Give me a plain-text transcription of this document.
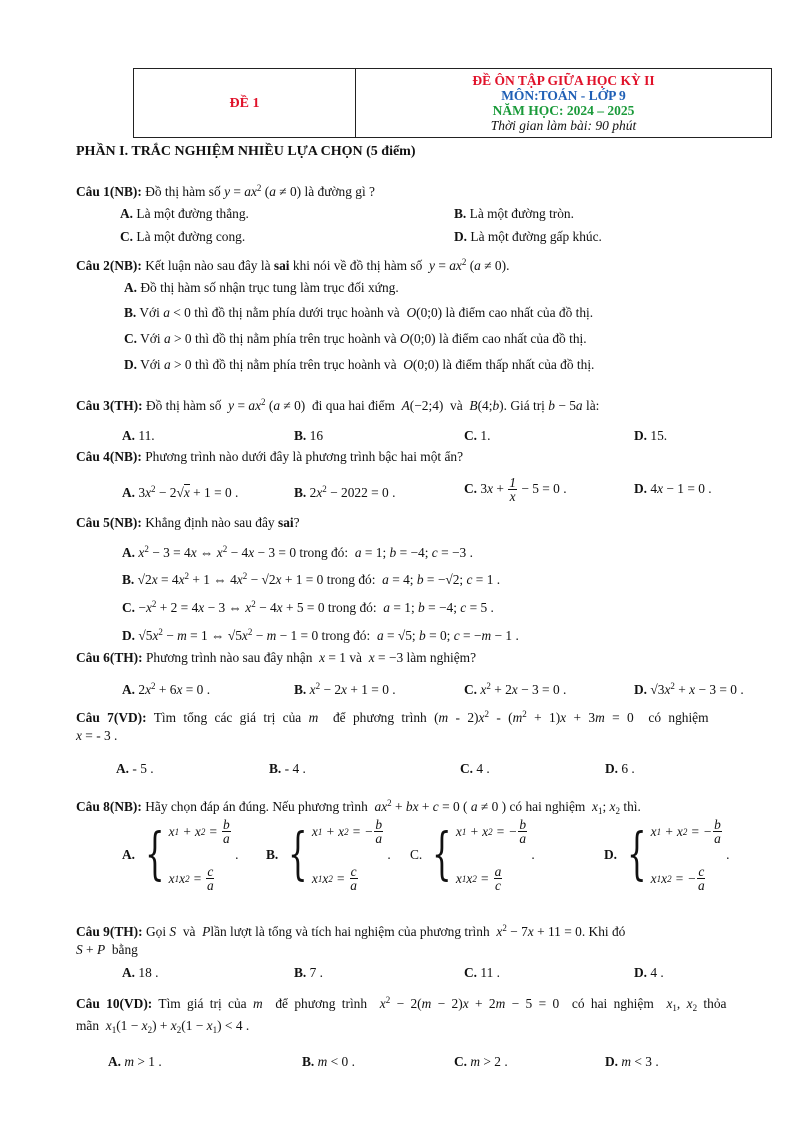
ĐỀ 1	
ĐỀ ÔN TẬP GIỮA HỌC KỲ II
MÔN:TOÁN - LỚP 9
NĂM HỌC: 2024 – 2025
Thời gian làm bài: 90 phút
PHẦN I. TRẮC NGHIỆM NHIỀU LỰA CHỌN (5 điểm)
Câu 1(NB): Đồ thị hàm số $y = ax^2$ (a ≠ 0) là đường gì ?
A. Là một đường thẳng.	B. Là một đường tròn.
C. Là một đường cong.	D. Là một đường gấp khúc.
Câu 2(NB): Kết luận nào sau đây là sai khi nói về đồ thị hàm số $y = ax^2$ (a ≠ 0).
A. Đồ thị hàm số nhận trục tung làm trục đối xứng.
B. Với a < 0 thì đồ thị nằm phía dưới trục hoành và O(0;0) là điểm cao nhất của đồ thị.
C. Với a > 0 thì đồ thị nằm phía trên trục hoành và O(0;0) là điểm cao nhất của đồ thị.
D. Với a > 0 thì đồ thị nằm phía trên trục hoành và O(0;0) là điểm thấp nhất của đồ thị.
Câu 3(TH): Đồ thị hàm số $y = ax^2$ (a ≠ 0)  đi qua hai điểm A(−2;4)  và B(4;b). Giá trị b − 5a là:
A. 11.	B. 16	C. 1.	D. 15.
Câu 4(NB): Phương trình nào dưới đây là phương trình bậc hai một ẩn?
A. $3x^2 - 2√x + 1 = 0$ .	B. $2x^2 - 2022 = 0$ .	C. $3x + \frac{1}{x} - 5 = 0$ .	D. 4x − 1 = 0 .
Câu 5(NB): Khẳng định nào sau đây sai?
A. $x^2 - 3 = 4x$ ⇔ $x^2 - 4x - 3 = 0$ trong đó: a = 1; b = −4; c = −3 .
B. $√2x = 4x^2 + 1$ ⇔ $4x^2 - √2x + 1 = 0$ trong đó: a = 4; b = −√2; c = 1 .
C. $-x^2 + 2 = 4x - 3$ ⇔ $x^2 - 4x + 5 = 0$ trong đó: a = 1; b = −4; c = 5 .
D. $√5x^2 - m = 1$ ⇔ $√5x^2 - m - 1 = 0$ trong đó: a = √5; b = 0; c = −m − 1 .
Câu 6(TH): Phương trình nào sau đây nhận x = 1 và x = −3 làm nghiệm?
A. $2x^2 + 6x = 0$ .	B. $x^2 - 2x + 1 = 0$ .	C. $x^2 + 2x - 3 = 0$ .	D. $√3x^2 + x - 3 = 0$ .
Câu 7(VD): Tìm tổng các giá trị của m để phương trình $(m - 2)x^2 - (m^2 + 1)x + 3m = 0$  có nghiệm
x = - 3 .
A. - 5 .	B. - 4 .	C. 4 .	D. 6 .
Câu 8(NB): Hãy chọn đáp án đúng. Nếu phương trình $ax^2$ + bx + c = 0 ( a ≠ 0 ) có hai nghiệm $x_1$; $x_2$ thì.
A. { x 1 + x $2 = \frac{b}{a}$
x 1 x $2 = \frac{c}{a}$
. B. { x 1 + x 2 = − $\frac{b}{a}$
x 1 x $2 = \frac{c}{a}$
. C. { x 1 + x 2 = − $\frac{b}{a}$
x 1 x $2 = \frac{a}{c}$
.	D. { x 1 + x 2 = − $\frac{b}{a}$
x 1 x 2 = − $\frac{c}{a}$
.
Câu 9(TH): Gọi S và Plần lượt là tổng và tích hai nghiệm của phương trình $x^2 - 7x + 11 = 0$. Khi đó
S + P bằng
A. 18 .	B. 7 .	C. 11 .	D. 4 .
Câu 10(VD): Tìm giá trị của m để phương trình $x^2 - 2(m - 2)x + 2m - 5 = 0$  có hai nghiệm $x_1$, $x_2$ thỏa
mãn $x_1(1 - x_2) + x_2(1 - x_1) < 4$ .
A. m > 1 .	B. m < 0 .	C. m > 2 .	D. m < 3 .
